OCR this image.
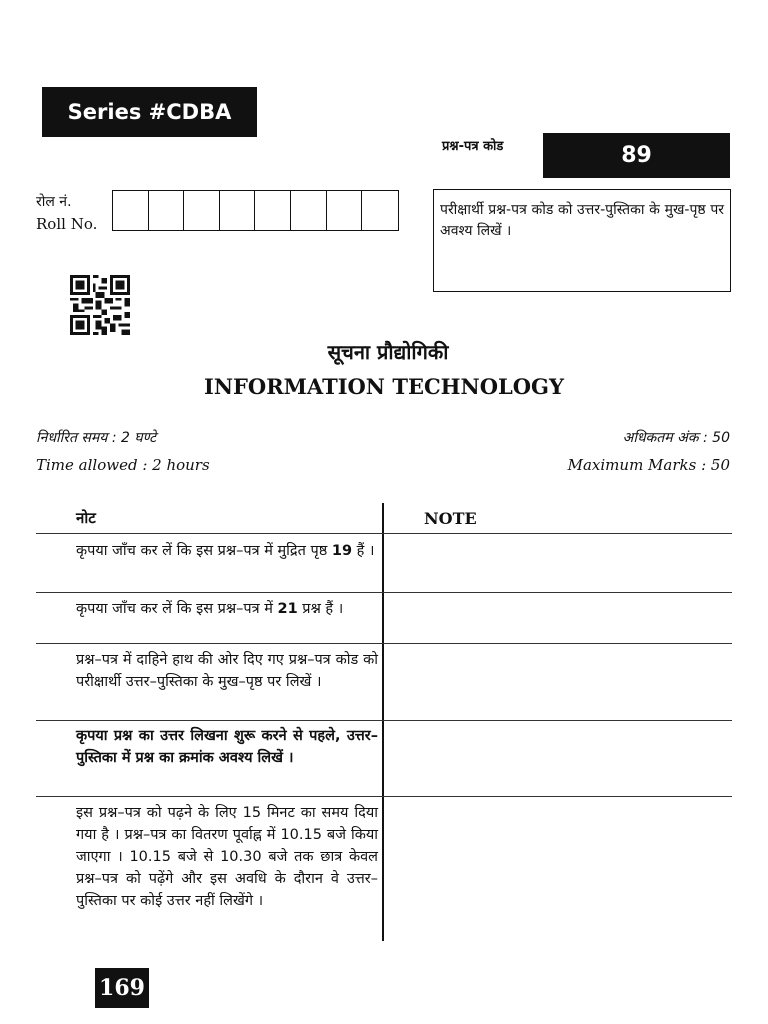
Series #CDBA
प्रश्न-पत्र कोड	89
रोल नं.
Roll No.
परीक्षार्थी प्रश्न-पत्र कोड को उत्तर-पुस्तिका के मुख-पृष्ठ पर अवश्य लिखें ।
सूचना प्रौद्योगिकी
INFORMATION TECHNOLOGY
निर्धारित समय : 2 घण्टे
Time allowed : 2 hours
अधिकतम अंक : 50
Maximum Marks : 50
नोट	NOTE
कृपया जाँच कर लें कि इस प्रश्न–पत्र में मुद्रित पृष्ठ 19 हैं ।
कृपया जाँच कर लें कि इस प्रश्न–पत्र में 21 प्रश्न हैं ।
प्रश्न–पत्र में दाहिने हाथ की ओर दिए गए प्रश्न–पत्र कोड को परीक्षार्थी उत्तर–पुस्तिका के मुख–पृष्ठ पर लिखें ।
कृपया प्रश्न का उत्तर लिखना शुरू करने से पहले, उत्तर–पुस्तिका में प्रश्न का क्रमांक अवश्य लिखें ।
इस प्रश्न–पत्र को पढ़ने के लिए 15 मिनट का समय दिया गया है । प्रश्न–पत्र का वितरण पूर्वाह्न में 10.15 बजे किया जाएगा । 10.15 बजे से 10.30 बजे तक छात्र केवल प्रश्न–पत्र को पढ़ेंगे और इस अवधि के दौरान वे उत्तर–पुस्तिका पर कोई उत्तर नहीं लिखेंगे ।
169
